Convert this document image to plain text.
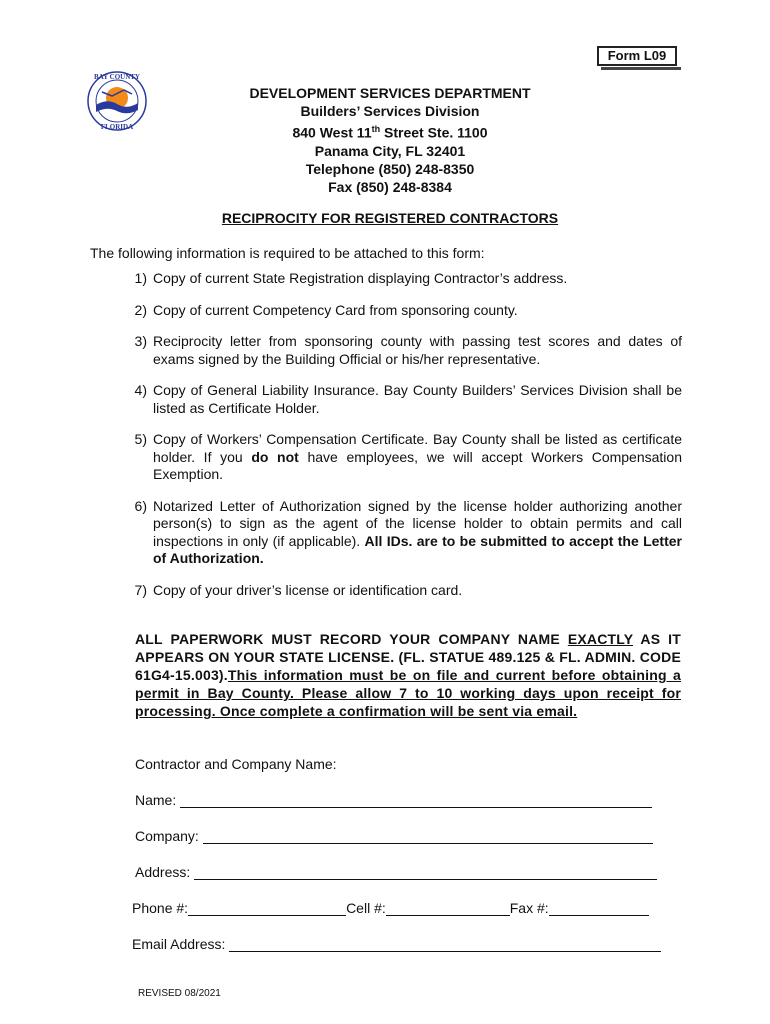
Form L09
BAY COUNTY
FLORIDA
DEVELOPMENT SERVICES DEPARTMENT
Builders’ Services Division
840 West 11th Street Ste. 1100
Panama City, FL 32401
Telephone (850) 248-8350
Fax (850) 248-8384
RECIPROCITY FOR REGISTERED CONTRACTORS
The following information is required to be attached to this form:
1) Copy of current State Registration displaying Contractor’s address.
2) Copy of current Competency Card from sponsoring county.
3) Reciprocity letter from sponsoring county with passing test scores and dates of exams signed by the Building Official or his/her representative.
4) Copy of General Liability Insurance. Bay County Builders’ Services Division shall be listed as Certificate Holder.
5) Copy of Workers’ Compensation Certificate. Bay County shall be listed as certificate holder. If you do not have employees, we will accept Workers Compensation Exemption.
6) Notarized Letter of Authorization signed by the license holder authorizing another person(s) to sign as the agent of the license holder to obtain permits and call inspections in only (if applicable). All IDs. are to be submitted to accept the Letter of Authorization.
7) Copy of your driver’s license or identification card.
ALL PAPERWORK MUST RECORD YOUR COMPANY NAME EXACTLY AS IT APPEARS ON YOUR STATE LICENSE. (FL. STATUE 489.125 & FL. ADMIN. CODE 61G4-15.003).This information must be on file and current before obtaining a permit in Bay County. Please allow 7 to 10 working days upon receipt for processing. Once complete a confirmation will be sent via email.
Contractor and Company Name:
Name:
Company:
Address:
Phone #:	Cell #:	Fax #:
Email Address:
REVISED 08/2021
